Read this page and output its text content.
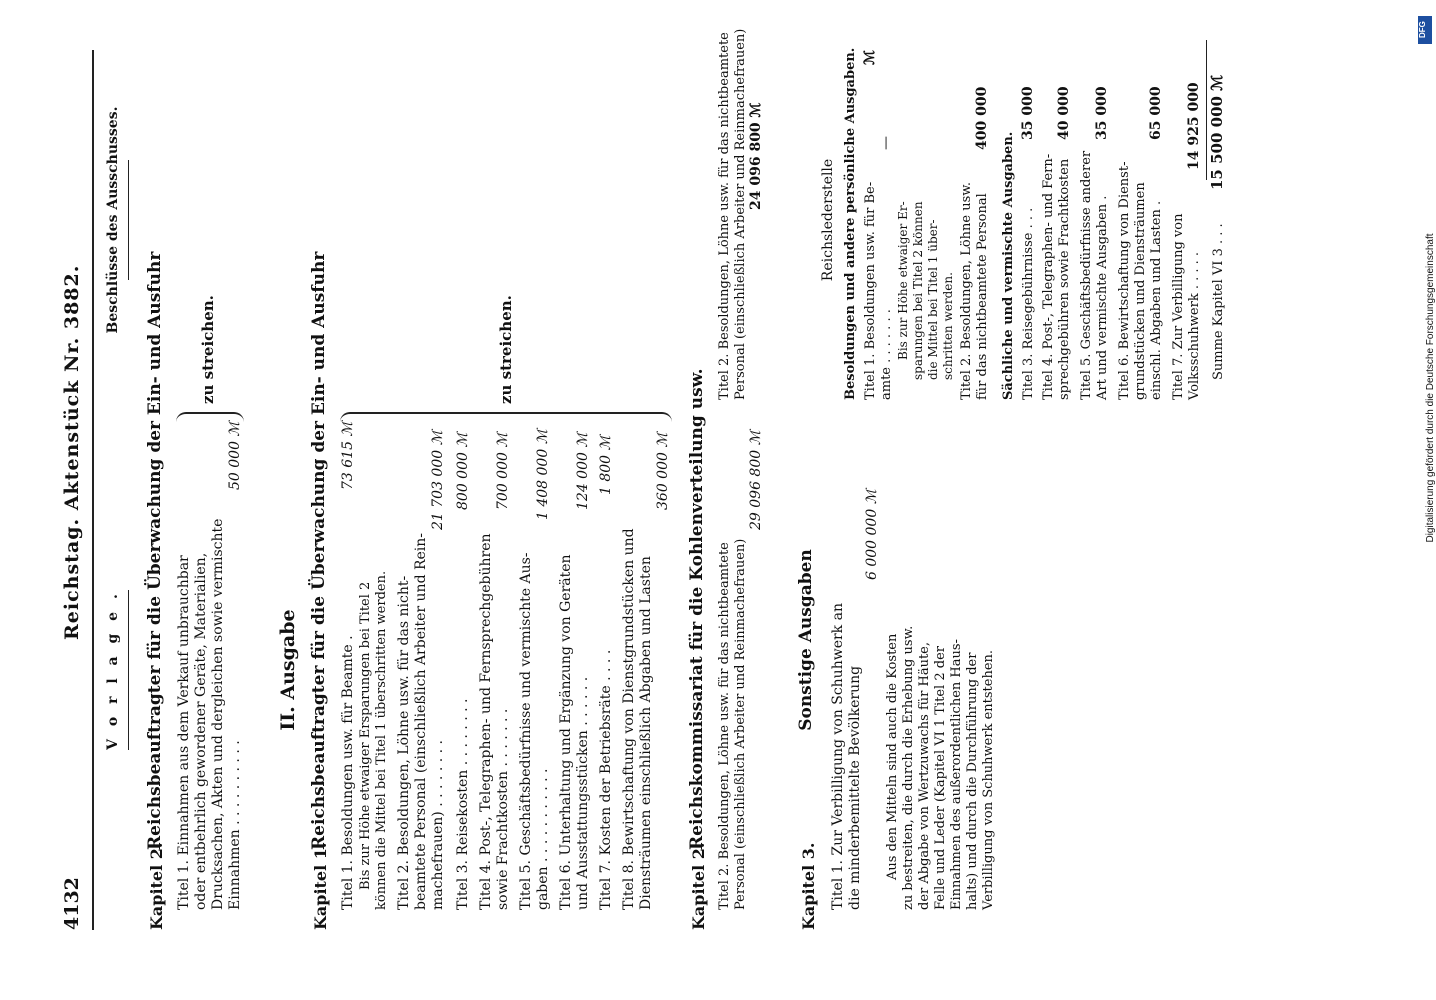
4132
Reichstag. Aktenstück Nr. 3882.
V o r l a g e .
Kapitel 2.
Reichsbeauftragter für die Überwachung der Ein- und Ausfuhr Titel 1. Einnahmen aus dem Verkauf unbrauchbar oder entbehrlich gewordener Geräte, Materialien, Drucksachen, Akten und dergleichen sowie vermischte Einnahmen . . . . . . . . . .
50 000 ℳ
zu streichen.
II. Ausgabe
Kapitel 1.
Reichsbeauftragter für die Überwachung der Ein- und Ausfuhr Titel 1. Besoldungen usw. für Beamte .
73 615 ℳ
Bis zur Höhe etwaiger Ersparungen bei Titel 2 können die Mittel bei Titel 1 überschritten werden. Titel 2. Besoldungen, Löhne usw. für das nicht- beamtete Personal (einschließlich Arbeiter und Rein- machefrauen) . . . . . . . .
21 703 000 ℳ
Titel 3. Reisekosten . . . . . . . .
800 000 ℳ
Titel 4. Post-, Telegraphen- und Fernsprechgebühren sowie Frachtkosten . . . . . . .
700 000 ℳ
Titel 5. Geschäftsbedürfnisse und vermischte Aus- gaben . . . . . . . . . . .
1 408 000 ℳ
Titel 6. Unterhaltung und Ergänzung von Geräten und Ausstattungsstücken . . . . . .
124 000 ℳ
Titel 7. Kosten der Betriebsräte . . . .
1 800 ℳ
Titel 8. Bewirtschaftung von Dienstgrundstücken und Diensträumen einschließlich Abgaben und Lasten
360 000 ℳ
zu streichen.
Kapitel 2.
Reichskommissariat für die Kohlenverteilung usw. Titel 2. Besoldungen, Löhne usw. für das nichtbeamtete Personal (einschließlich Arbeiter und Reinmachefrauen)
29 096 800 ℳ
Kapitel 3.
Sonstige Ausgaben Titel 1. Zur Verbilligung von Schuhwerk an die minderbemittelte Bevölkerung
6 000 000 ℳ
Aus den Mitteln sind auch die Kosten zu bestreiten, die durch die Erhebung usw. der Abgabe von Wertzuwachs für Häute, Felle und Leder (Kapitel VI 1 Titel 2 der Einnahmen des außerordentlichen Haus- halts) und durch die Durchführung der Verbilligung von Schuhwerk entstehen.
Beschlüsse des Ausschusses.	Titel 2. Besoldungen, Löhne usw. für das nichtbeamtete Personal (einschließlich Arbeiter und Reinmachefrauen) 24 096 800 ℳ
Reichslederstelle Besoldungen und andere persönliche Ausgaben. Titel 1. Besoldungen usw. für Be- amte . . . . . . .
—
ℳ
Bis zur Höhe etwaiger Er- sparungen bei Titel 2 können die Mittel bei Titel 1 über- schritten werden. Titel 2. Besoldungen, Löhne usw. für das nichtbeamtete Personal
400 000
Sächliche und vermischte Ausgaben. Titel 3. Reisegebührnisse . . .
35 000
Titel 4. Post-, Telegraphen- und Fern- sprechgebühren sowie Frachtkosten
40 000
Titel 5. Geschäftsbedürfnisse anderer Art und vermischte Ausgaben .
35 000
Titel 6. Bewirtschaftung von Dienst- grundstücken und Diensträumen einschl. Abgaben und Lasten .
65 000
Titel 7. Zur Verbilligung von Volksschuhwerk . . . . .
14 925 000
Summe Kapitel VI 3 . . .
15 500 000 ℳ
DFG
Digitalisierung gefördert durch die Deutsche Forschungsgemeinschaft
